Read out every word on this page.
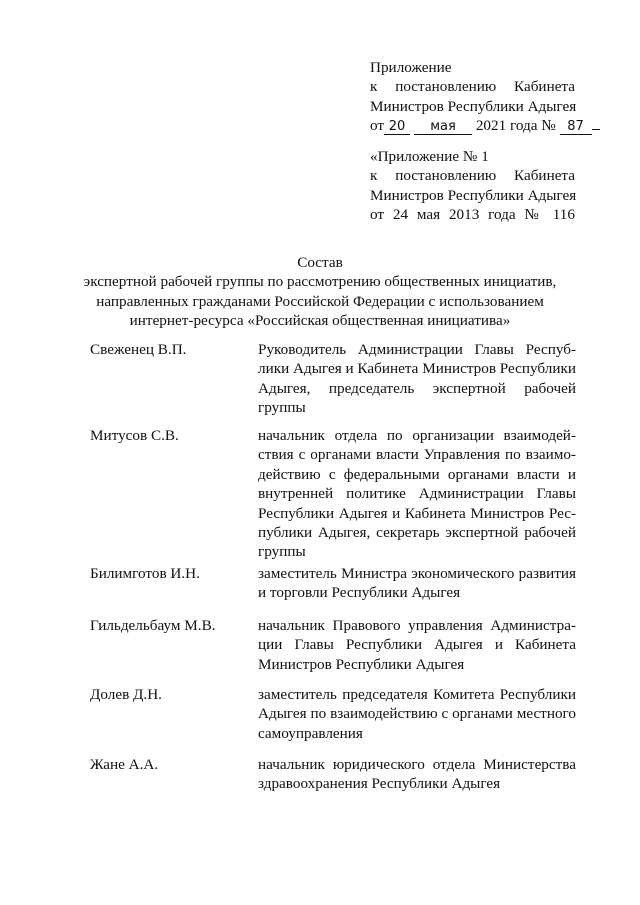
Приложение
к постановлению Кабинета
Министров Республики Адыгея
от 20 мая 2021 года № 87
«Приложение № 1
к постановлению Кабинета
Министров Республики Адыгея
от 24 мая 2013 года № 116
Состав
экспертной рабочей группы по рассмотрению общественных инициатив,
направленных гражданами Российской Федерации с использованием
интернет-ресурса «Российская общественная инициатива»
Свеженец В.П.	Руководитель Администрации Главы Респуб-
лики Адыгея и Кабинета Министров Республики
Адыгея, председатель экспертной рабочей
группы
Митусов С.В.	начальник отдела по организации взаимодей-
ствия с органами власти Управления по взаимо-
действию с федеральными органами власти и
внутренней политике Администрации Главы
Республики Адыгея и Кабинета Министров Рес-
публики Адыгея, секретарь экспертной рабочей
группы
Билимготов И.Н.	заместитель Министра экономического развития
и торговли Республики Адыгея
Гильдельбаум М.В.	начальник Правового управления Администра-
ции Главы Республики Адыгея и Кабинета
Министров Республики Адыгея
Долев Д.Н.	заместитель председателя Комитета Республики
Адыгея по взаимодействию с органами местного
самоуправления
Жане А.А.	начальник юридического отдела Министерства
здравоохранения Республики Адыгея
